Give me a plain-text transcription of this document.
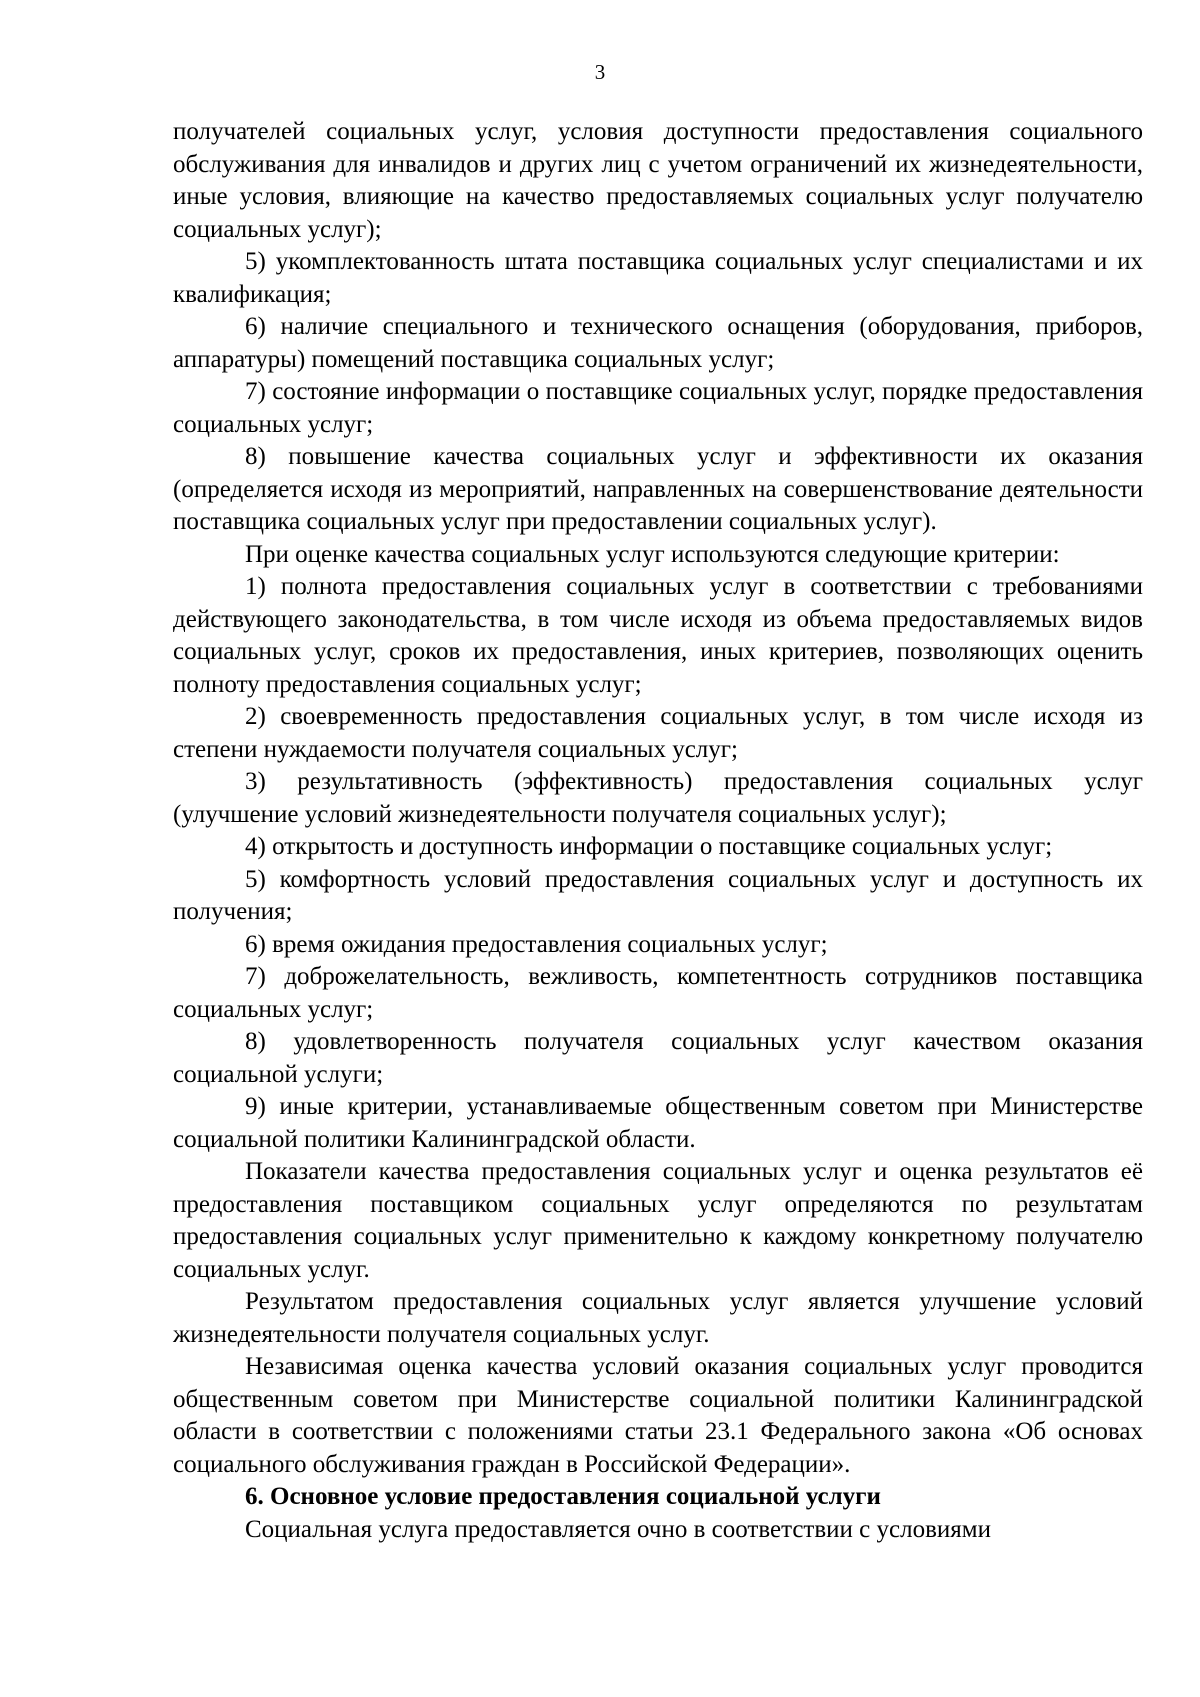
3

получателей социальных услуг, условия доступности предоставления социального обслуживания для инвалидов и других лиц с учетом ограничений их жизнедеятельности, иные условия, влияющие на качество предоставляемых социальных услуг получателю социальных услуг);

5) укомплектованность штата поставщика социальных услуг специалистами и их квалификация;

6) наличие специального и технического оснащения (оборудования, приборов, аппаратуры) помещений поставщика социальных услуг;

7) состояние информации о поставщике социальных услуг, порядке предоставления социальных услуг;

8) повышение качества социальных услуг и эффективности их оказания (определяется исходя из мероприятий, направленных на совершенствование деятельности поставщика социальных услуг при предоставлении социальных услуг).

При оценке качества социальных услуг используются следующие критерии:

1) полнота предоставления социальных услуг в соответствии с требованиями действующего законодательства, в том числе исходя из объема предоставляемых видов социальных услуг, сроков их предоставления, иных критериев, позволяющих оценить полноту предоставления социальных услуг;

2) своевременность предоставления социальных услуг, в том числе исходя из степени нуждаемости получателя социальных услуг;

3) результативность (эффективность) предоставления социальных услуг (улучшение условий жизнедеятельности получателя социальных услуг);

4) открытость и доступность информации о поставщике социальных услуг;

5) комфортность условий предоставления социальных услуг и доступность их получения;

6) время ожидания предоставления социальных услуг;

7) доброжелательность, вежливость, компетентность сотрудников поставщика социальных услуг;

8) удовлетворенность получателя социальных услуг качеством оказания социальной услуги;

9) иные критерии, устанавливаемые общественным советом при Министерстве социальной политики Калининградской области.

Показатели качества предоставления социальных услуг и оценка результатов её предоставления поставщиком социальных услуг определяются по результатам предоставления социальных услуг применительно к каждому конкретному получателю социальных услуг.

Результатом предоставления социальных услуг является улучшение условий жизнедеятельности получателя социальных услуг.

Независимая оценка качества условий оказания социальных услуг проводится общественным советом при Министерстве социальной политики Калининградской области в соответствии с положениями статьи 23.1 Федерального закона «Об основах социального обслуживания граждан в Российской Федерации».

6. Основное условие предоставления социальной услуги

Социальная услуга предоставляется очно в соответствии с условиями
